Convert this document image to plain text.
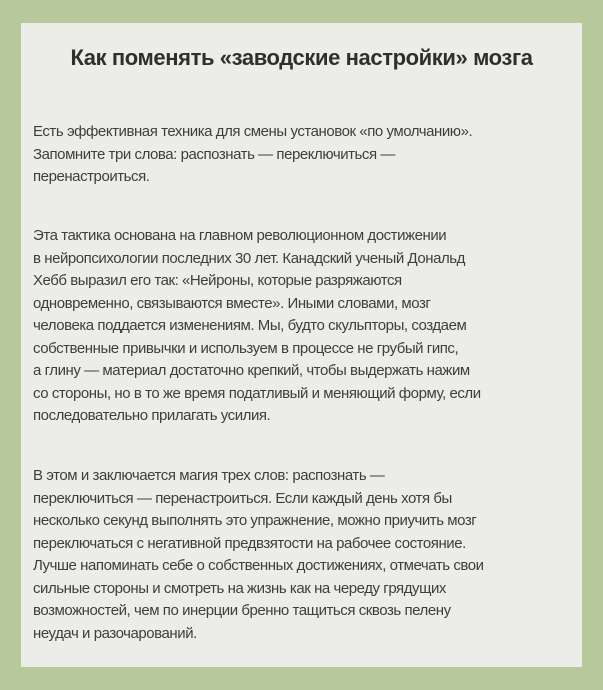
Как поменять «заводские настройки» мозга
Есть эффективная техника для смены установок «по умолчанию».
Запомните три слова: распознать — переключиться —
перенастроиться.
Эта тактика основана на главном революционном достижении
в нейропсихологии последних 30 лет. Канадский ученый Дональд
Хебб выразил его так: «Нейроны, которые разряжаются
одновременно, связываются вместе». Иными словами, мозг
человека поддается изменениям. Мы, будто скульпторы, создаем
собственные привычки и используем в процессе не грубый гипс,
а глину — материал достаточно крепкий, чтобы выдержать нажим
со стороны, но в то же время податливый и меняющий форму, если
последовательно прилагать усилия.
В этом и заключается магия трех слов: распознать —
переключиться — перенастроиться. Если каждый день хотя бы
несколько секунд выполнять это упражнение, можно приучить мозг
переключаться с негативной предвзятости на рабочее состояние.
Лучше напоминать себе о собственных достижениях, отмечать свои
сильные стороны и смотреть на жизнь как на череду грядущих
возможностей, чем по инерции бренно тащиться сквозь пелену
неудач и разочарований.
